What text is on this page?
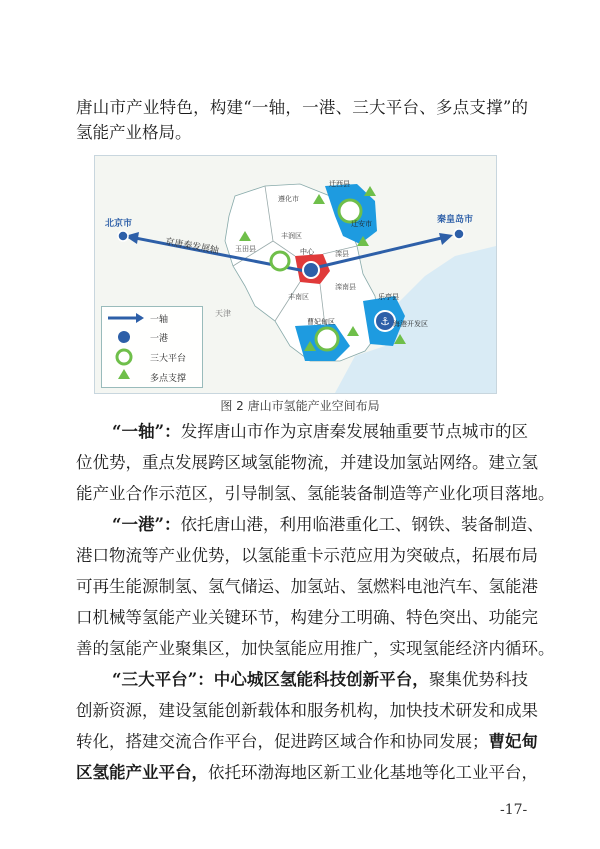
唐山市产业特色，构建“一轴，一港、三大平台、多点支撑”的
氢能产业格局。
⚓
北京市	秦皇岛市
京唐秦发展轴
天津
遵化市
迁西县
迁安市
玉田县
丰润区
滦县
丰南区
滦南县
乐亭县
曹妃甸区	海港开发区
中心
一轴
一港
三大平台
多点支撑
图 2 唐山市氢能产业空间布局
“一轴”：发挥唐山市作为京唐秦发展轴重要节点城市的区
位优势，重点发展跨区域氢能物流，并建设加氢站网络。建立氢
能产业合作示范区，引导制氢、氢能装备制造等产业化项目落地。
“一港”：依托唐山港，利用临港重化工、钢铁、装备制造、
港口物流等产业优势，以氢能重卡示范应用为突破点，拓展布局
可再生能源制氢、氢气储运、加氢站、氢燃料电池汽车、氢能港
口机械等氢能产业关键环节，构建分工明确、特色突出、功能完
善的氢能产业聚集区，加快氢能应用推广，实现氢能经济内循环。
“三大平台”：中心城区氢能科技创新平台，聚集优势科技
创新资源，建设氢能创新载体和服务机构，加快技术研发和成果
转化，搭建交流合作平台，促进跨区域合作和协同发展；曹妃甸
区氢能产业平台，依托环渤海地区新工业化基地等化工业平台，
-17-
